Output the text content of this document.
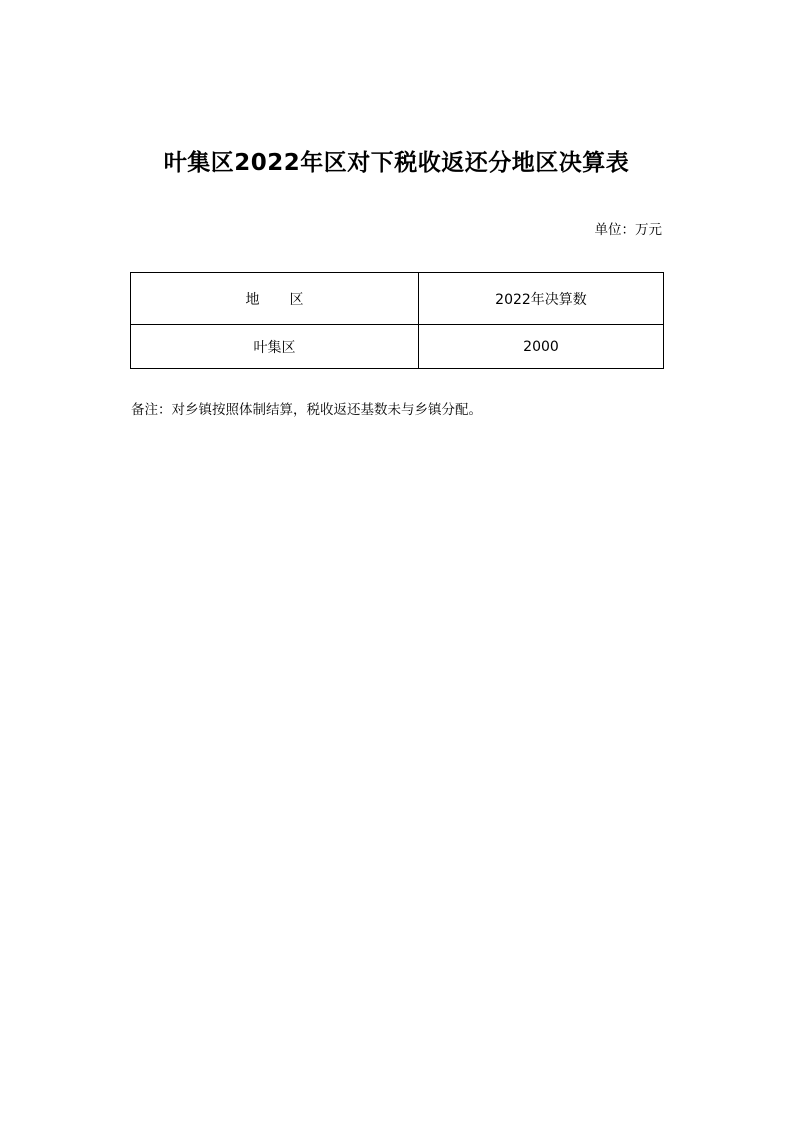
叶集区2022年区对下税收返还分地区决算表
单位：万元
地区	2022年决算数
叶集区	2000
备注：对乡镇按照体制结算，税收返还基数未与乡镇分配。
